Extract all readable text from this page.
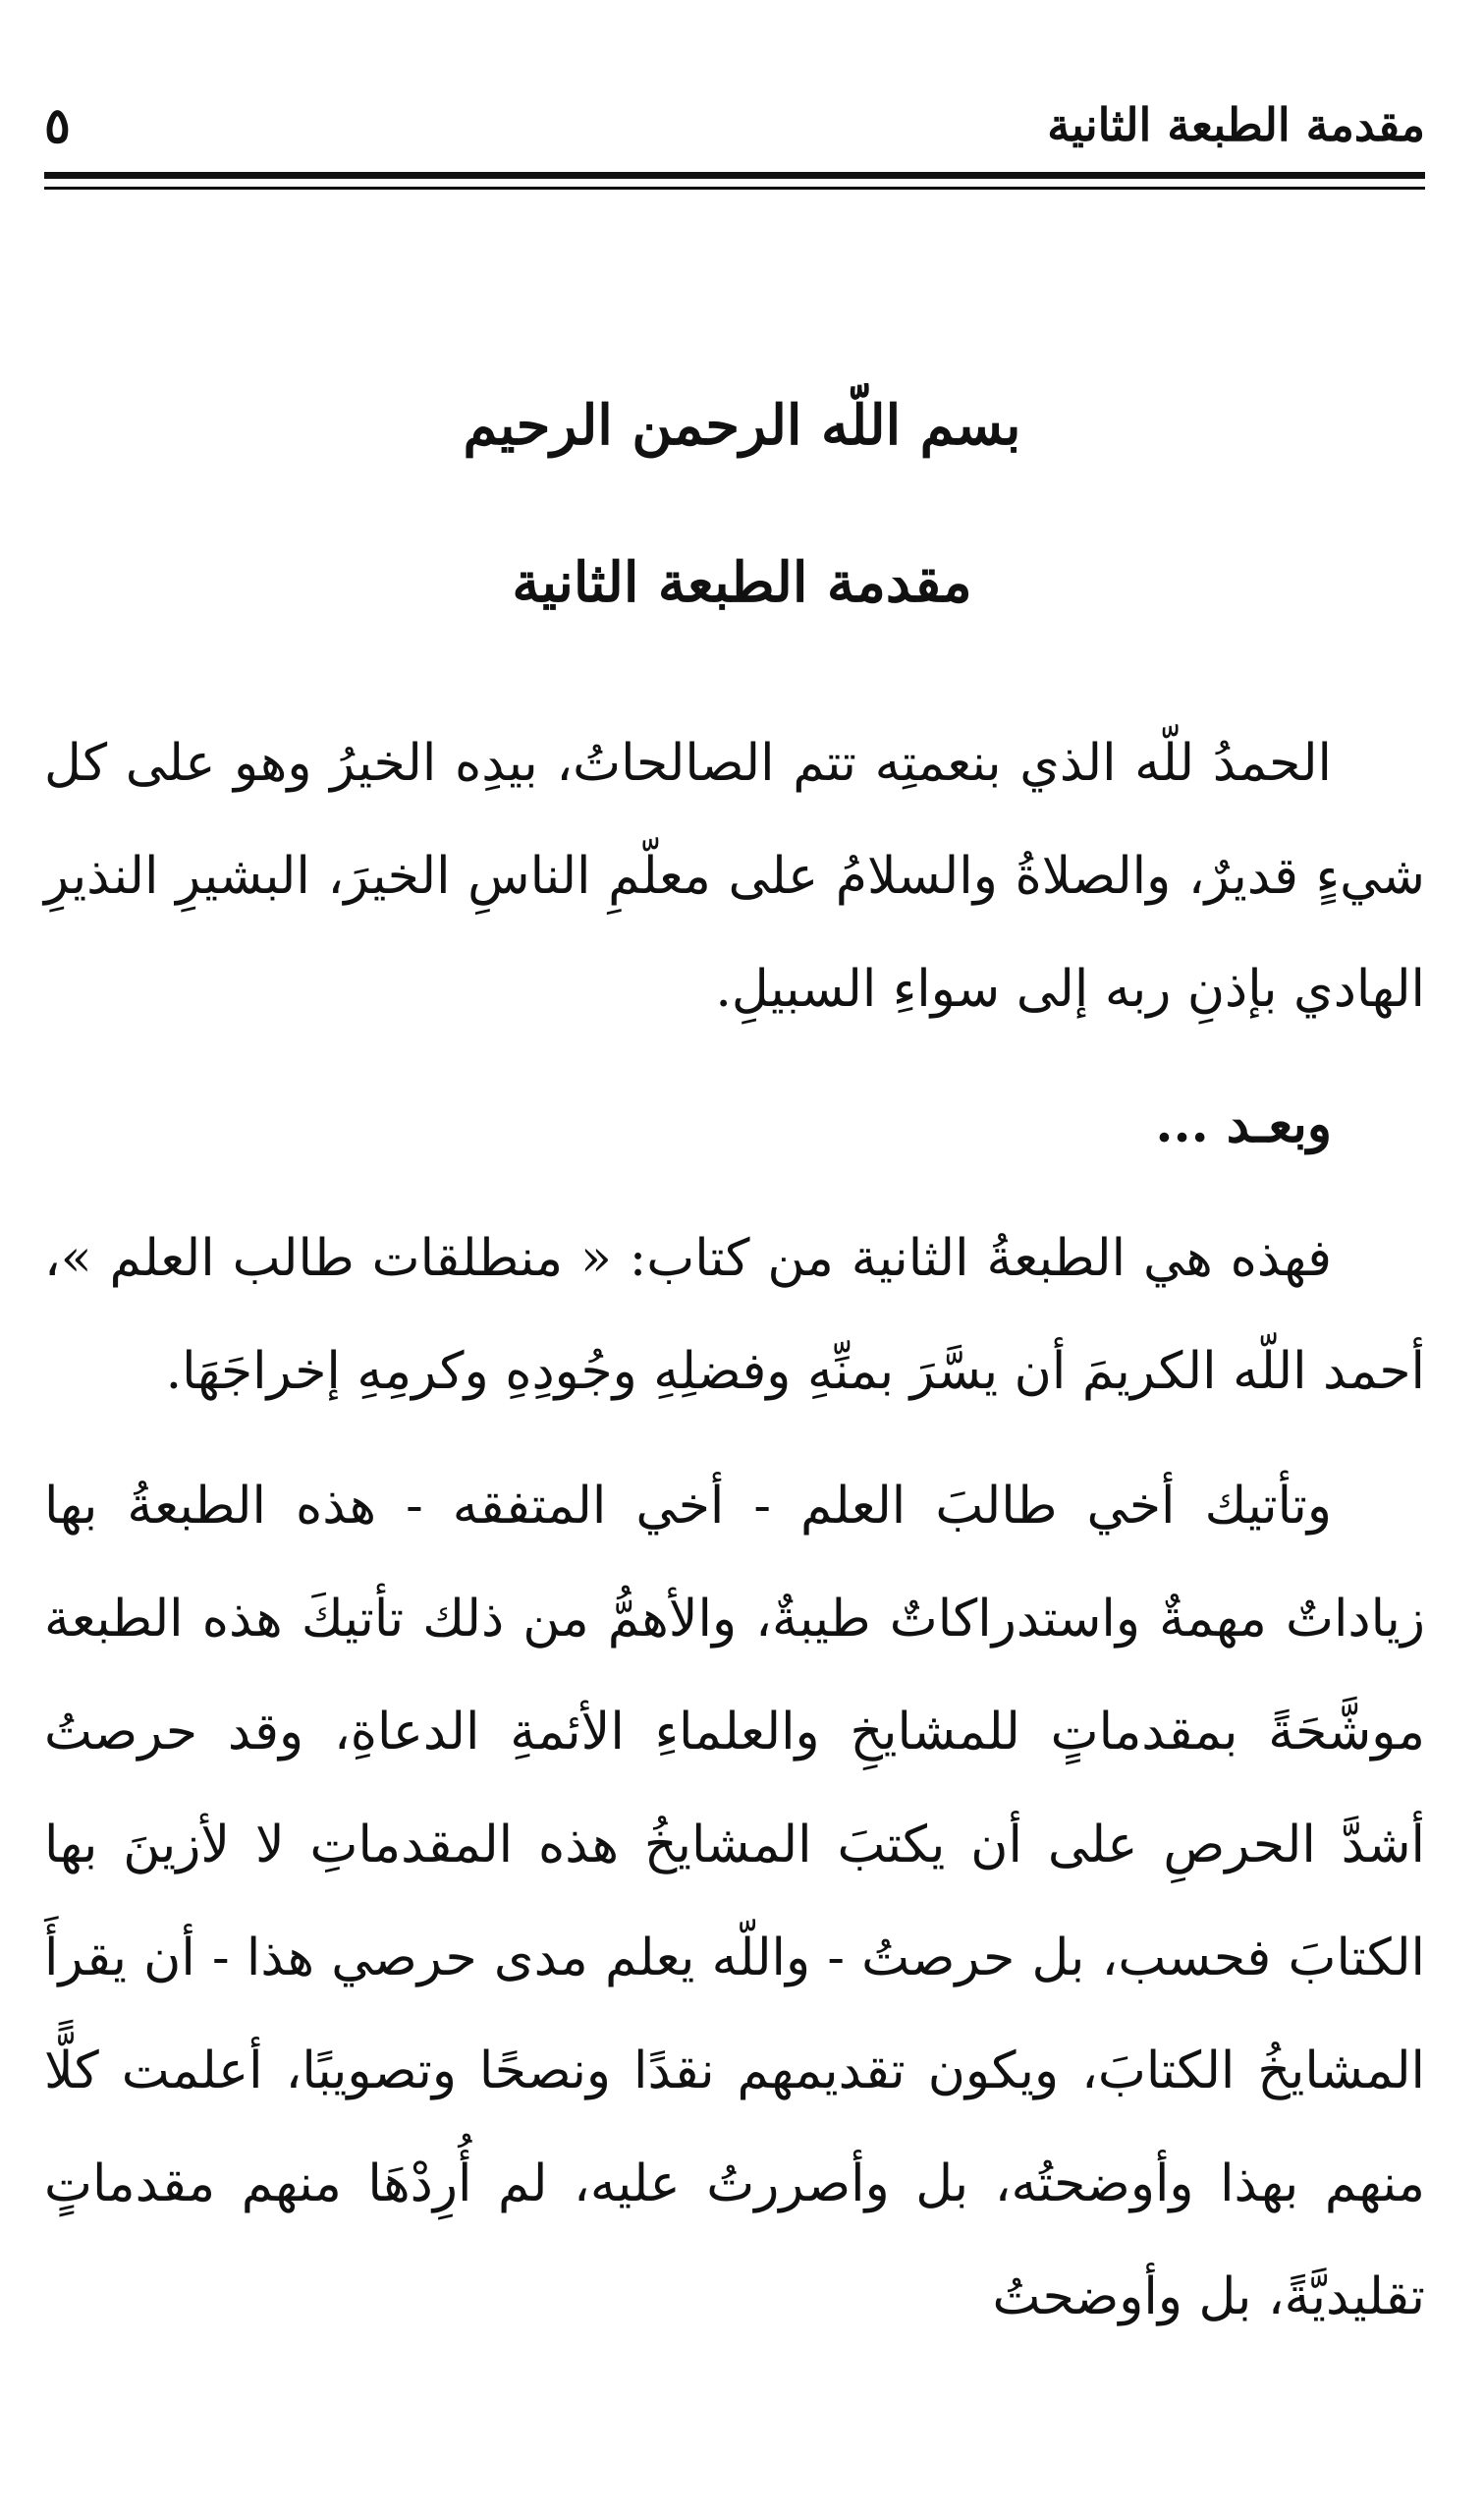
مقدمة الطبعة الثانية
٥
بسم اللّه الرحمن الرحيم
مقدمة الطبعة الثانية

الحمدُ للّه الذي بنعمتِه تتم الصالحاتُ، بيدِه الخيرُ وهو على كل شيءٍ قديرٌ، والصلاةُ والسلامُ على معلّمِ الناسِ الخيرَ، البشيرِ النذيرِ الهادي بإذنِ ربه إلى سواءِ السبيلِ.

وبعـد ...

فهذه هي الطبعةُ الثانية من كتاب: « منطلقات طالب العلم »، أحمد اللّه الكريمَ أن يسَّرَ بمنِّهِ وفضلِهِ وجُودِهِ وكرمِهِ إخراجَهَا.

وتأتيك أخي طالبَ العلم - أخي المتفقه - هذه الطبعةُ بها زياداتٌ مهمةٌ واستدراكاتٌ طيبةٌ، والأهمُّ من ذلك تأتيكَ هذه الطبعة موشَّحَةً بمقدماتٍ للمشايخِ والعلماءِ الأئمةِ الدعاةِ، وقد حرصتُ أشدَّ الحرصِ على أن يكتبَ المشايخُ هذه المقدماتِ لا لأزينَ بها الكتابَ فحسب، بل حرصتُ - واللّه يعلم مدى حرصي هذا - أن يقرأَ المشايخُ الكتابَ، ويكون تقديمهم نقدًا ونصحًا وتصويبًا، أعلمت كلًّا منهم بهذا وأوضحتُه، بل وأصررتُ عليه، لم أُرِدْهَا منهم مقدماتٍ تقليديَّةً، بل وأوضحتُ
